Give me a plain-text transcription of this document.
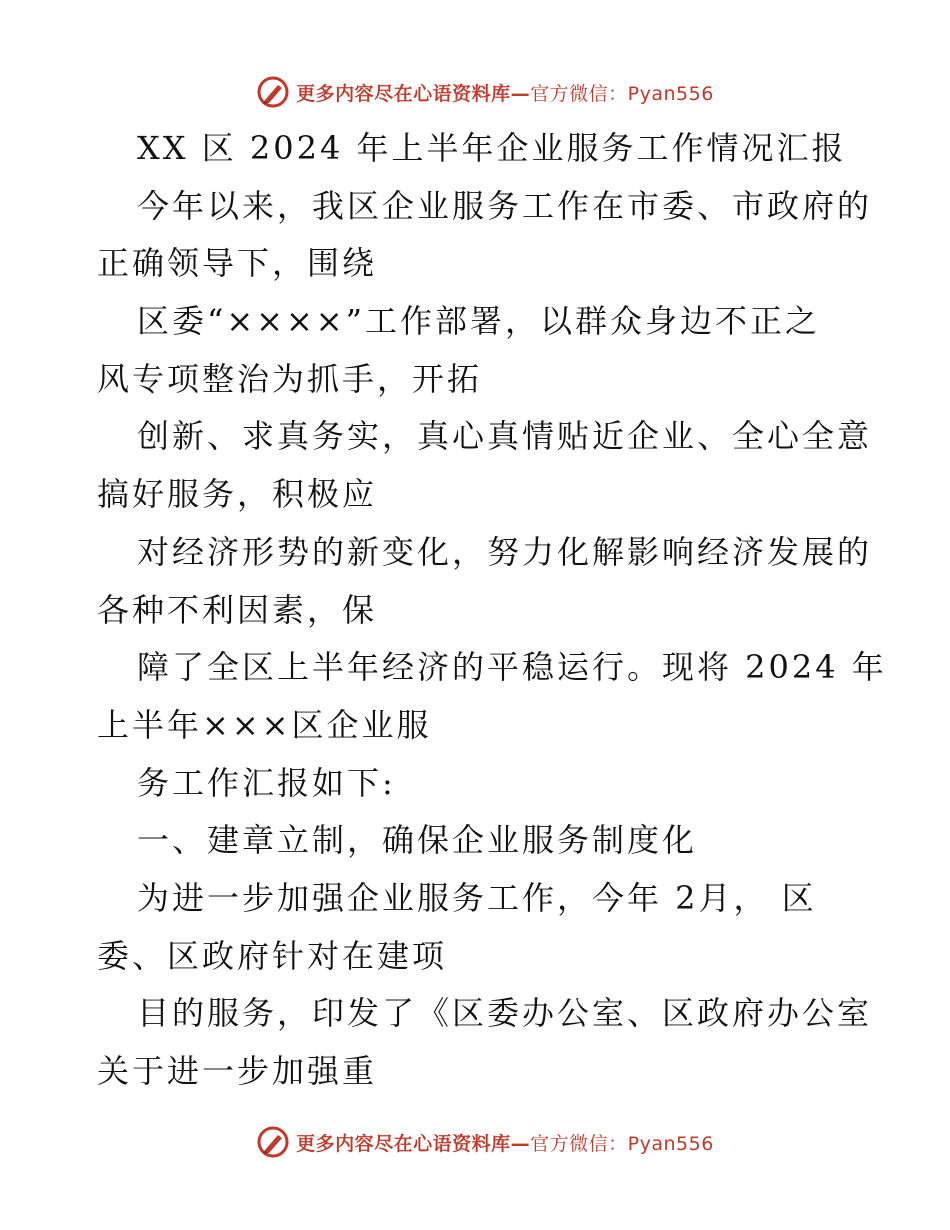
更多内容尽在心语资料库—官方微信：Pyan556
XX 区 2024 年上半年企业服务工作情况汇报
今年以来，我区企业服务工作在市委、市政府的
正确领导下，围绕
区委“××××”工作部署，以群众身边不正之
风专项整治为抓手，开拓
创新、求真务实，真心真情贴近企业、全心全意
搞好服务，积极应
对经济形势的新变化，努力化解影响经济发展的
各种不利因素，保
障了全区上半年经济的平稳运行。现将 2024 年
上半年×××区企业服
务工作汇报如下:
一、建章立制，确保企业服务制度化
为进一步加强企业服务工作，今年 2月， 区
委、区政府针对在建项
目的服务，印发了《区委办公室、区政府办公室
关于进一步加强重
更多内容尽在心语资料库—官方微信：Pyan556
